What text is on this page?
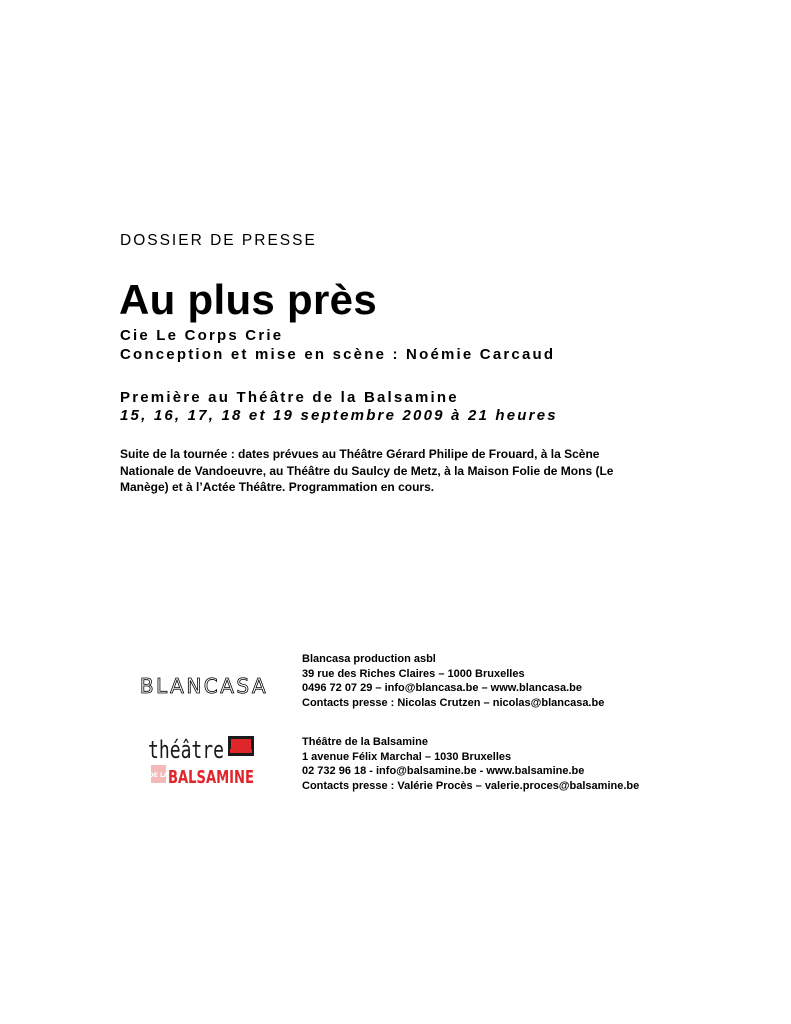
DOSSIER DE PRESSE
Au plus près
Cie Le Corps Crie
Conception et mise en scène : Noémie Carcaud
Première au Théâtre de la Balsamine
15, 16, 17, 18 et 19 septembre 2009 à 21 heures

Suite de la tournée : dates prévues au Théâtre Gérard Philipe de Frouard, à la Scène
Nationale de Vandoeuvre, au Théâtre du Saulcy de Metz, à la Maison Folie de Mons (Le
Manège) et à l’Actée Théâtre. Programmation en cours.

BLANCASA
Blancasa production asbl
39 rue des Riches Claires – 1000 Bruxelles
0496 72 07 29 – info@blancasa.be – www.blancasa.be
Contacts presse : Nicolas Crutzen – nicolas@blancasa.be
théâtre
DE LA BALSAMINE
Théâtre de la Balsamine
1 avenue Félix Marchal – 1030 Bruxelles
02 732 96 18 - info@balsamine.be - www.balsamine.be
Contacts presse : Valérie Procès – valerie.proces@balsamine.be
